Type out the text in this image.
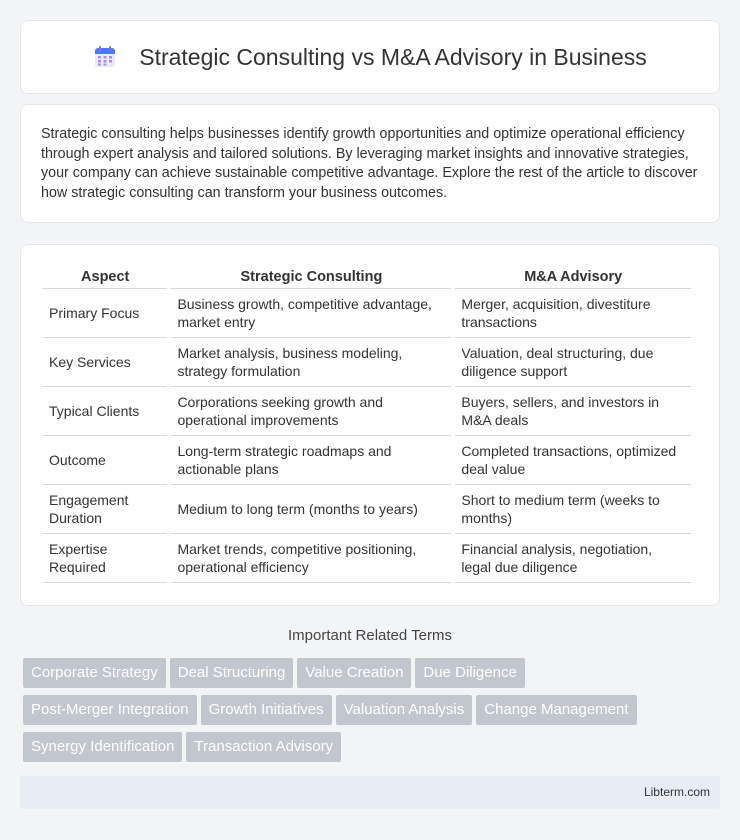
Strategic Consulting vs M&A Advisory in Business

Strategic consulting helps businesses identify growth opportunities and optimize operational efficiency through expert analysis and tailored solutions. By leveraging market insights and innovative strategies, your company can achieve sustainable competitive advantage. Explore the rest of the article to discover how strategic consulting can transform your business outcomes.

Aspect	Strategic Consulting	M&A Advisory
Primary Focus	Business growth, competitive advantage, market entry	Merger, acquisition, divestiture transactions
Key Services	Market analysis, business modeling, strategy formulation	Valuation, deal structuring, due diligence support
Typical Clients	Corporations seeking growth and operational improvements	Buyers, sellers, and investors in M&A deals
Outcome	Long-term strategic roadmaps and actionable plans	Completed transactions, optimized deal value
Engagement Duration	Medium to long term (months to years)	Short to medium term (weeks to months)
Expertise Required	Market trends, competitive positioning, operational efficiency	Financial analysis, negotiation, legal due diligence
Important Related Terms
Corporate Strategy Deal Structuring Value Creation Due Diligence
Post-Merger Integration Growth Initiatives Valuation Analysis Change Management
Synergy Identification Transaction Advisory
Libterm.com
